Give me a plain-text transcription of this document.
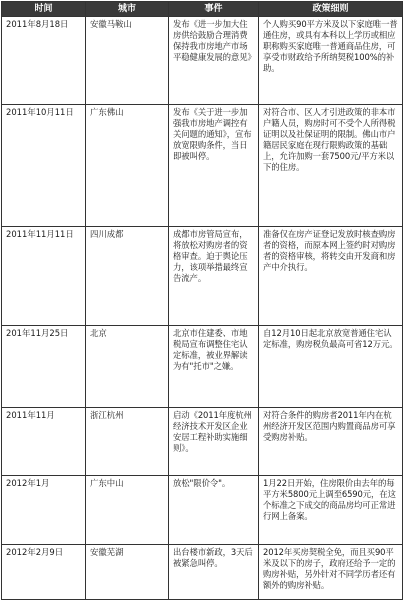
时间	城市	事件	政策细则
2011年8月18日	安徽马鞍山	发布《进一步加大住房供给鼓励合理消费保持我市房地产市场平稳健康发展的意见》	个人购买90平方米及以下家庭唯一普通住房，或具有本科以上学历或相应职称购买家庭唯一普通商品住房，可享受市财政给予所纳契税100%的补助。
2011年10月11日	广东佛山	发布《关于进一步加强我市房地产调控有关问题的通知》，宣布放宽限购条件，当日即被叫停。	对符合市、区人才引进政策的非本市户籍人员，购房时可不受个人所得税证明以及社保证明的限制。佛山市户籍居民家庭在现行限购政策的基础上，允许加购一套7500元/平方米以下的住房。
2011年11月11日	四川成都	成都市房管局宣布，将放松对购房者的资格审查。迫于舆论压力，该项举措最终宣告流产。	准备仅在房产证登记发放时核查购房者的资格，而原本网上签约时对购房者的资格审核，将转交由开发商和房产中介执行。
201年11月25日	北京	北京市住建委、市地税局宣布调整住宅认定标准，被业界解读为有"托市"之嫌。	自12月10日起北京放宽普通住宅认定标准，购房税负最高可省12万元。
2011年11月	浙江杭州	启动《2011年度杭州经济技术开发区企业安居工程补助实施细则》。	对符合条件的购房者2011年内在杭州经济开发区范围内购置商品房可享受购房补贴。
2012年1月	广东中山	放松"限价令"。	1月22日开始，住房限价由去年的每平方米5800元上调至6590元，在这个标准之下成交的商品房均可正常进行网上备案。
2012年2月9日	安徽芜湖	出台楼市新政，3天后被紧急叫停。	2012年买房契税全免，而且买90平米及以下的房子，政府还给予一定的购房补贴，另外针对不同学历者还有额外的购房补贴。
